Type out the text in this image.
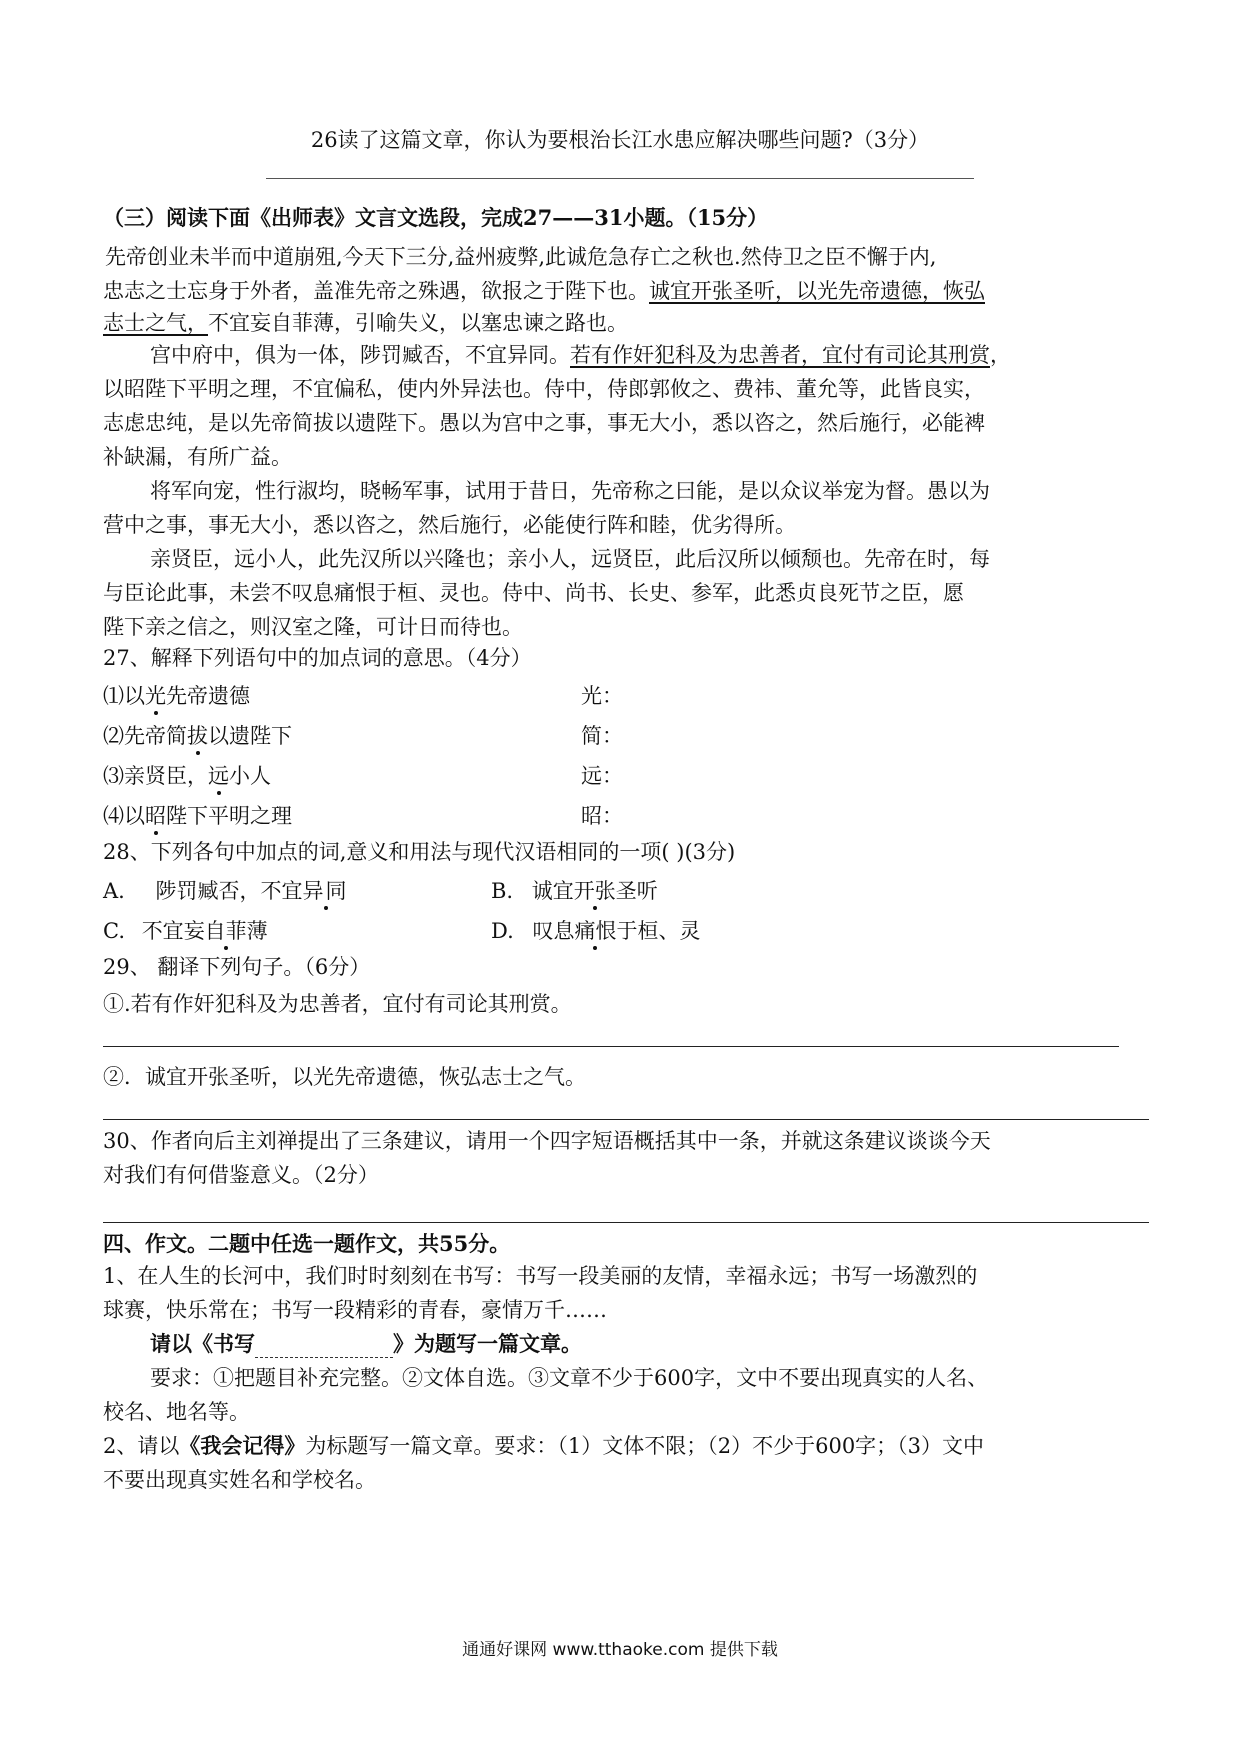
26读了这篇文章，你认为要根治长江水患应解决哪些问题?（3分）
（三）阅读下面《出师表》文言文选段，完成27——31小题。（15分）
先帝创业未半而中道崩殂,今天下三分,益州疲弊,此诚危急存亡之秋也.然侍卫之臣不懈于内,
忠志之士忘身于外者，盖准先帝之殊遇，欲报之于陛下也。诚宜开张圣听，以光先帝遗德，恢弘
志士之气，不宜妄自菲薄，引喻失义，以塞忠谏之路也。
宫中府中，俱为一体，陟罚臧否，不宜异同。若有作奸犯科及为忠善者，宜付有司论其刑赏，
以昭陛下平明之理，不宜偏私，使内外异法也。侍中，侍郎郭攸之、费祎、董允等，此皆良实，
志虑忠纯，是以先帝简拔以遗陛下。愚以为宫中之事，事无大小，悉以咨之，然后施行，必能裨
补缺漏，有所广益。
将军向宠，性行淑均，晓畅军事，试用于昔日，先帝称之曰能，是以众议举宠为督。愚以为
营中之事，事无大小，悉以咨之，然后施行，必能使行阵和睦，优劣得所。
亲贤臣，远小人，此先汉所以兴隆也；亲小人，远贤臣，此后汉所以倾颓也。先帝在时，每
与臣论此事，未尝不叹息痛恨于桓、灵也。侍中、尚书、长史、参军，此悉贞良死节之臣，愿
陛下亲之信之，则汉室之隆，可计日而待也。
27、解释下列语句中的加点词的意思。（4分）
⑴以光先帝遗德	光：
⑵先帝简拔以遗陛下	简：
⑶亲贤臣，远小人	远：
⑷以昭陛下平明之理	昭：
28、下列各句中加点的词,意义和用法与现代汉语相同的一项( )(3分)
A. 陟罚臧否，不宜异同	B. 诚宜开张圣听
C. 不宜妄自菲薄	D. 叹息痛恨于桓、灵
29、 翻译下列句子。（6分）
①.若有作奸犯科及为忠善者，宜付有司论其刑赏。
②．诚宜开张圣听，以光先帝遗德，恢弘志士之气。
30、作者向后主刘禅提出了三条建议，请用一个四字短语概括其中一条，并就这条建议谈谈今天
对我们有何借鉴意义。（2分）
四、作文。二题中任选一题作文，共55分。
1、在人生的长河中，我们时时刻刻在书写：书写一段美丽的友情，幸福永远；书写一场激烈的
球赛，快乐常在；书写一段精彩的青春，豪情万千……
请以《书写	》为题写一篇文章。
要求：①把题目补充完整。②文体自选。③文章不少于600字，文中不要出现真实的人名、
校名、地名等。
2、请以《我会记得》为标题写一篇文章。要求：（1）文体不限；（2）不少于600字；（3）文中
不要出现真实姓名和学校名。
通通好课网 www.tthaoke.com 提供下载
